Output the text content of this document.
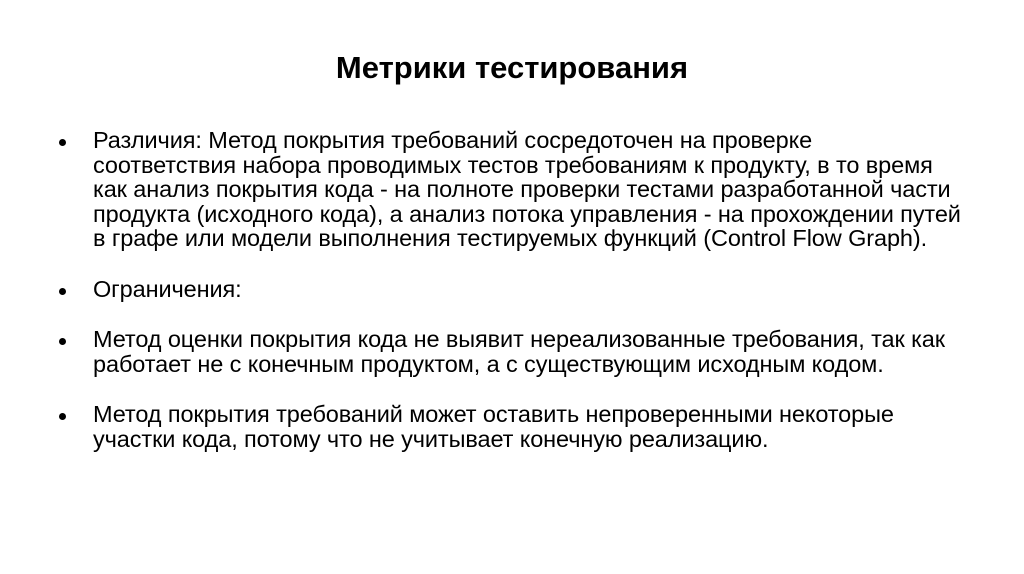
Метрики тестирования
Различия: Метод покрытия требований сосредоточен на проверке соответствия набора проводимых тестов требованиям к продукту, в то время как анализ покрытия кода - на полноте проверки тестами разработанной части продукта (исходного кода), а анализ потока управления - на прохождении путей в графе или модели выполнения тестируемых функций (Control Flow Graph).
Ограничения:
Метод оценки покрытия кода не выявит нереализованные требования, так как работает не с конечным продуктом, а с существующим исходным кодом.
Метод покрытия требований может оставить непроверенными некоторые участки кода, потому что не учитывает конечную реализацию.
